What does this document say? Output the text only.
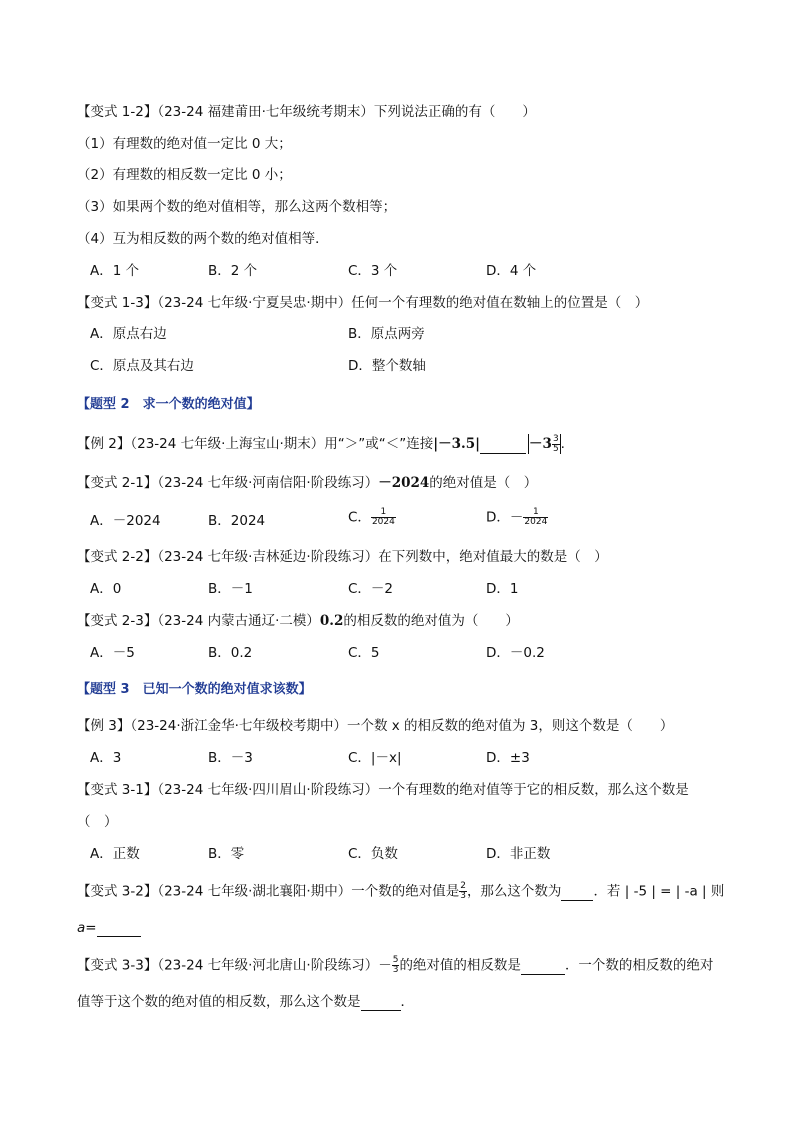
【变式 1-2】（23-24 福建莆田·七年级统考期末）下列说法正确的有（　　）
（1）有理数的绝对值一定比 0 大；
（2）有理数的相反数一定比 0 小；
（3）如果两个数的绝对值相等，那么这两个数相等；
（4）互为相反数的两个数的绝对值相等．
A．1 个	B．2 个	C．3 个	D．4 个
【变式 1-3】（23-24 七年级·宁夏吴忠·期中）任何一个有理数的绝对值在数轴上的位置是（　）
A．原点右边	B．原点两旁
C．原点及其右边	D．整个数轴
【题型 2　求一个数的绝对值】
【例 2】（23-24 七年级·上海宝山·期末）用“＞”或“＜”连接|－3.5|	$-3 \frac{3}{5}$ .
【变式 2-1】（23-24 七年级·河南信阳·阶段练习）－2024的绝对值是（　）
A．－2024	B．2024	C． $\frac{1}{2024}$	D．－ $\frac{1}{2024}$
【变式 2-2】（23-24 七年级·吉林延边·阶段练习）在下列数中，绝对值最大的数是（　）
A．0	B．－1	C．－2	D．1
【变式 2-3】（23-24 内蒙古通辽·二模）0.2的相反数的绝对值为（　　）
A．－5	B．0.2	C．5	D．－0.2
【题型 3　已知一个数的绝对值求该数】
【例 3】（23-24·浙江金华·七年级校考期中）一个数 x 的相反数的绝对值为 3，则这个数是（　　）
A．3	B．－3	C．|－x|	D．±3
【变式 3-1】（23-24 七年级·四川眉山·阶段练习）一个有理数的绝对值等于它的相反数，那么这个数是
（　）
A．正数	B．零	C．负数	D．非正数
【变式 3-2】（23-24 七年级·湖北襄阳·期中）一个数的绝对值是 $\frac{2}{3}$ ，那么这个数为 ．若 | -5 | = | -a | 则
a=
【变式 3-3】（23-24 七年级·河北唐山·阶段练习）－ $\frac{5}{3}$ 的绝对值的相反数是	．一个数的相反数的绝对
值等于这个数的绝对值的相反数，那么这个数是	．
